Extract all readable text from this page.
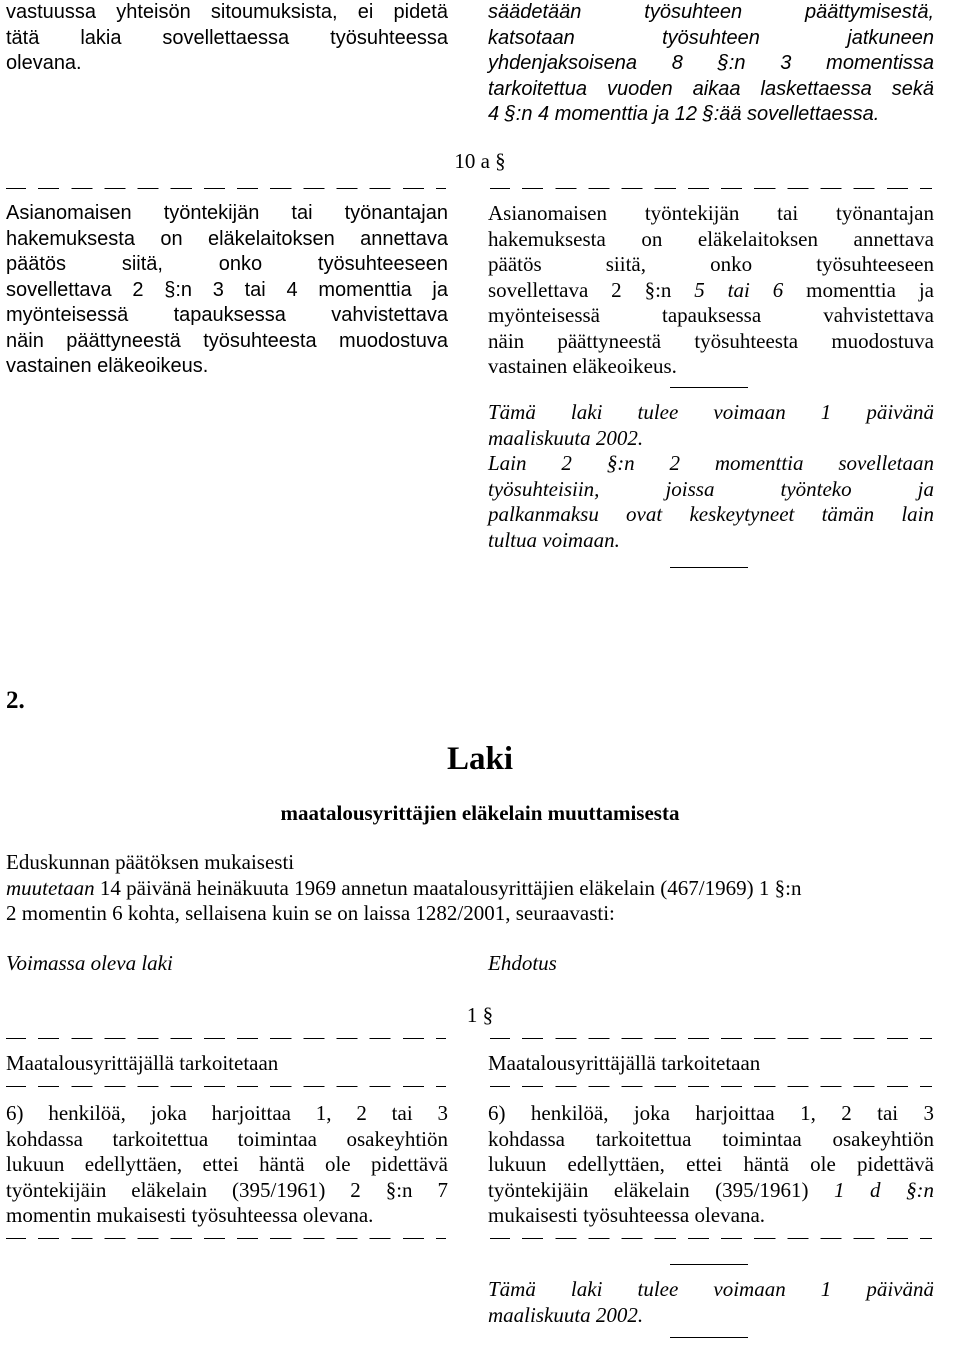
vastuussa yhteisön sitoumuksista, ei pidetä
tätä lakia sovellettaessa työsuhteessa
olevana.
säädetään työsuhteen päättymisestä,
katsotaan työsuhteen jatkuneen
yhdenjaksoisena 8 §:n 3 momentissa
tarkoitettua vuoden aikaa laskettaessa sekä
4 §:n 4 momenttia ja 12 §:ää sovellettaessa.
10 a §
Asianomaisen työntekijän tai työnantajan
hakemuksesta on eläkelaitoksen annettava
päätös siitä, onko työsuhteeseen
sovellettava 2 §:n 3 tai 4 momenttia ja
myönteisessä tapauksessa vahvistettava
näin päättyneestä työsuhteesta muodostuva
vastainen eläkeoikeus.
Asianomaisen työntekijän tai työnantajan
hakemuksesta on eläkelaitoksen annettava
päätös siitä, onko työsuhteeseen
sovellettava 2 §:n 5 tai 6 momenttia ja
myönteisessä tapauksessa vahvistettava
näin päättyneestä työsuhteesta muodostuva
vastainen eläkeoikeus.
Tämä laki tulee voimaan 1 päivänä
maaliskuuta 2002.
Lain 2 §:n 2 momenttia sovelletaan
työsuhteisiin, joissa työnteko ja
palkanmaksu ovat keskeytyneet tämän lain
tultua voimaan.
2.
Laki
maatalousyrittäjien eläkelain muuttamisesta
Eduskunnan päätöksen mukaisesti
muutetaan 14 päivänä heinäkuuta 1969 annetun maatalousyrittäjien eläkelain (467/1969) 1 §:n
2 momentin 6 kohta, sellaisena kuin se on laissa 1282/2001, seuraavasti:
Voimassa oleva laki	Ehdotus
1 §
Maatalousyrittäjällä tarkoitetaan	Maatalousyrittäjällä tarkoitetaan
6) henkilöä, joka harjoittaa 1, 2 tai 3
kohdassa tarkoitettua toimintaa osakeyhtiön
lukuun edellyttäen, ettei häntä ole pidettävä
työntekijäin eläkelain (395/1961) 2 §:n 7
momentin mukaisesti työsuhteessa olevana.
6) henkilöä, joka harjoittaa 1, 2 tai 3
kohdassa tarkoitettua toimintaa osakeyhtiön
lukuun edellyttäen, ettei häntä ole pidettävä
työntekijäin eläkelain (395/1961) 1 d §:n
mukaisesti työsuhteessa olevana.
Tämä laki tulee voimaan 1 päivänä
maaliskuuta 2002.
